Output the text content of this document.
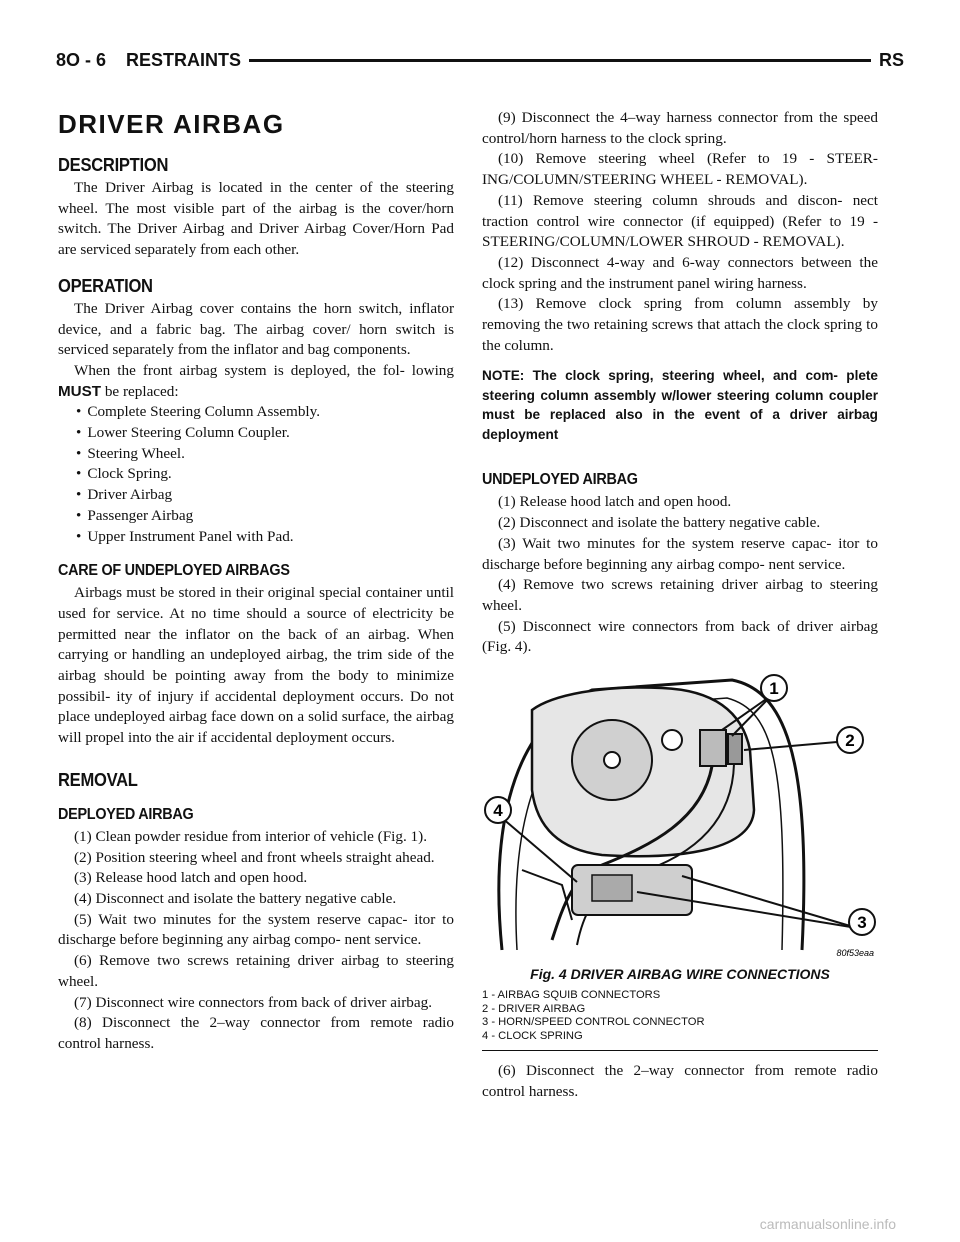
8O - 6    RESTRAINTS	RS
DRIVER AIRBAG
DESCRIPTION

The Driver Airbag is located in the center of the steering wheel. The most visible part of the airbag is the cover/horn switch. The Driver Airbag and Driver Airbag Cover/Horn Pad are serviced separately from each other.

OPERATION

The Driver Airbag cover contains the horn switch, inflator device, and a fabric bag. The airbag cover/ horn switch is serviced separately from the inflator and bag components.

When the front airbag system is deployed, the fol- lowing MUST be replaced:

• Complete Steering Column Assembly.
• Lower Steering Column Coupler.
• Steering Wheel.
• Clock Spring.
• Driver Airbag
• Passenger Airbag
• Upper Instrument Panel with Pad.
CARE OF UNDEPLOYED AIRBAGS

Airbags must be stored in their original special container until used for service. At no time should a source of electricity be permitted near the inflator on the back of an airbag. When carrying or handling an undeployed airbag, the trim side of the airbag should be pointing away from the body to minimize possibil- ity of injury if accidental deployment occurs. Do not place undeployed airbag face down on a solid surface, the airbag will propel into the air if accidental deployment occurs.

REMOVAL
DEPLOYED AIRBAG

(1) Clean powder residue from interior of vehicle (Fig. 1).

(2) Position steering wheel and front wheels straight ahead.

(3) Release hood latch and open hood.

(4) Disconnect and isolate the battery negative cable.

(5) Wait two minutes for the system reserve capac- itor to discharge before beginning any airbag compo- nent service.

(6) Remove two screws retaining driver airbag to steering wheel.

(7) Disconnect wire connectors from back of driver airbag.

(8) Disconnect the 2–way connector from remote radio control harness.

(9) Disconnect the 4–way harness connector from the speed control/horn harness to the clock spring.

(10) Remove steering wheel (Refer to 19 - STEER- ING/COLUMN/STEERING WHEEL - REMOVAL).

(11) Remove steering column shrouds and discon- nect traction control wire connector (if equipped) (Refer to 19 - STEERING/COLUMN/LOWER SHROUD - REMOVAL).

(12) Disconnect 4-way and 6-way connectors between the clock spring and the instrument panel wiring harness.

(13) Remove clock spring from column assembly by removing the two retaining screws that attach the clock spring to the column.

NOTE: The clock spring, steering wheel, and com- plete steering column assembly w/lower steering column coupler must be replaced also in the event of a driver airbag deployment
UNDEPLOYED AIRBAG

(1) Release hood latch and open hood.

(2) Disconnect and isolate the battery negative cable.

(3) Wait two minutes for the system reserve capac- itor to discharge before beginning any airbag compo- nent service.

(4) Remove two screws retaining driver airbag to steering wheel.

(5) Disconnect wire connectors from back of driver airbag (Fig. 4).

1
2
3
4
80f53eaa
Fig. 4 DRIVER AIRBAG WIRE CONNECTIONS
1 - AIRBAG SQUIB CONNECTORS
2 - DRIVER AIRBAG
3 - HORN/SPEED CONTROL CONNECTOR
4 - CLOCK SPRING

(6) Disconnect the 2–way connector from remote radio control harness.

carmanualsonline.info
